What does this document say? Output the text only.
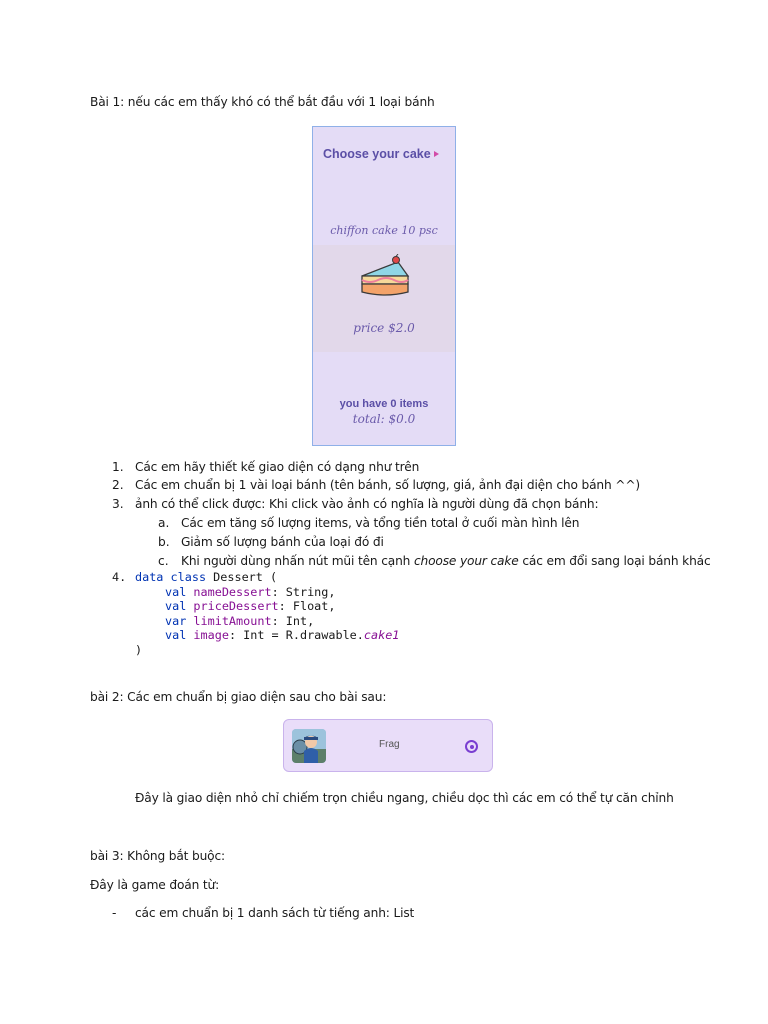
Bài 1: nếu các em thấy khó có thể bắt đầu với 1 loại bánh
Choose your cake
chiffon cake 10 psc
price $2.0
you have 0 items
total: $0.0
1. Các em hãy thiết kế giao diện có dạng như trên
2. Các em chuẩn bị 1 vài loại bánh (tên bánh, số lượng, giá, ảnh đại diện cho bánh ^^)
3. ảnh có thể click được: Khi click vào ảnh có nghĩa là người dùng đã chọn bánh:
a. Các em tăng số lượng items, và tổng tiền total ở cuối màn hình lên
b. Giảm số lượng bánh của loại đó đi
c. Khi người dùng nhấn nút mũi tên cạnh choose your cake các em đổi sang loại bánh khác
4. data class Dessert (
val nameDessert: String,
val priceDessert: Float,
var limitAmount: Int,
val image: Int = R.drawable.cake1
)
bài 2: Các em chuẩn bị giao diện sau cho bài sau:
Frag
Đây là giao diện nhỏ chỉ chiếm trọn chiều ngang, chiều dọc thì các em có thể tự căn chỉnh
bài 3: Không bắt buộc:
Đây là game đoán từ:
- các em chuẩn bị 1 danh sách từ tiếng anh: List
